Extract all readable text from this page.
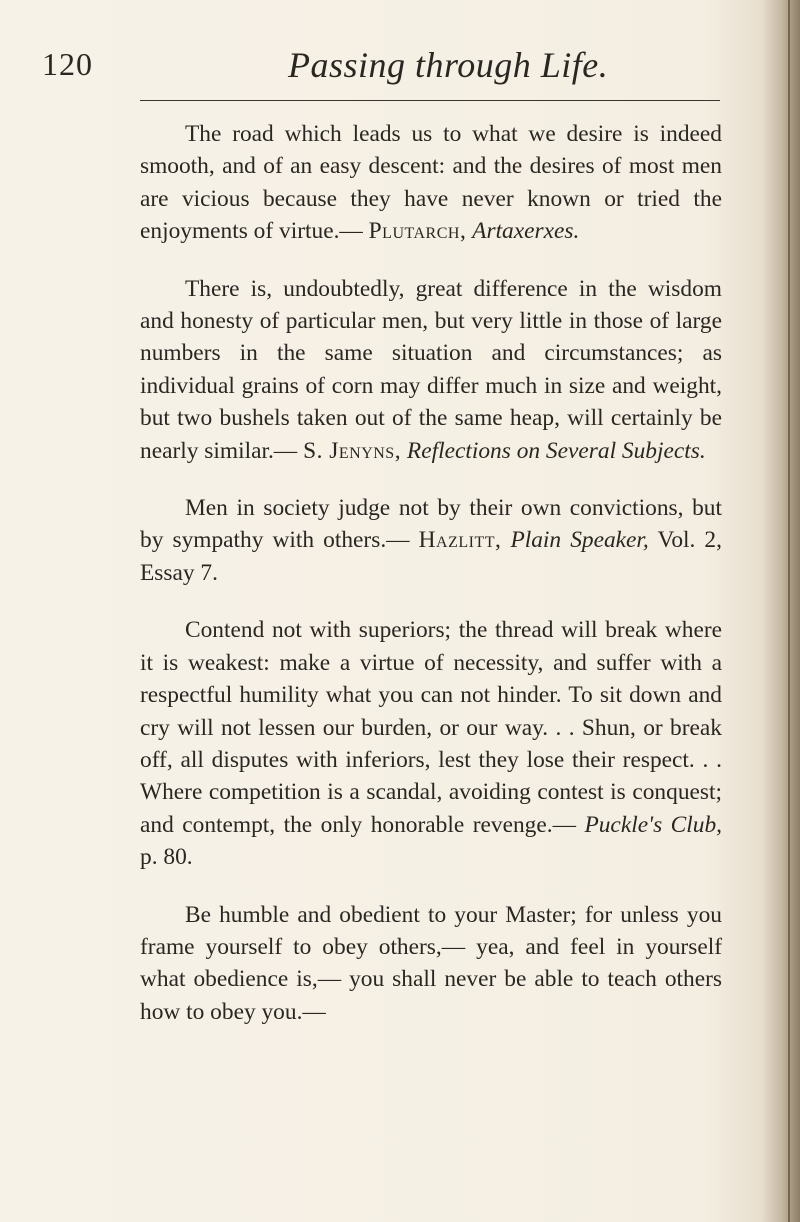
120	Passing through Life.

The road which leads us to what we desire is indeed smooth, and of an easy descent: and the desires of most men are vicious because they have never known or tried the enjoyments of virtue.— Plutarch, Artaxerxes.

There is, undoubtedly, great difference in the wisdom and honesty of particular men, but very little in those of large numbers in the same situation and circumstances; as individual grains of corn may differ much in size and weight, but two bushels taken out of the same heap, will certainly be nearly similar.— S. Jenyns, Reflections on Several Subjects.

Men in society judge not by their own convictions, but by sympathy with others.— Hazlitt, Plain Speaker, Vol. 2, Essay 7.

Contend not with superiors; the thread will break where it is weakest: make a virtue of necessity, and suffer with a respectful humility what you can not hinder. To sit down and cry will not lessen our burden, or our way. . . Shun, or break off, all disputes with inferiors, lest they lose their respect. . . Where competition is a scandal, avoiding contest is conquest; and contempt, the only honorable revenge.— Puckle's Club, p. 80.

Be humble and obedient to your Master; for unless you frame yourself to obey others,— yea, and feel in yourself what obedience is,— you shall never be able to teach others how to obey you.—
